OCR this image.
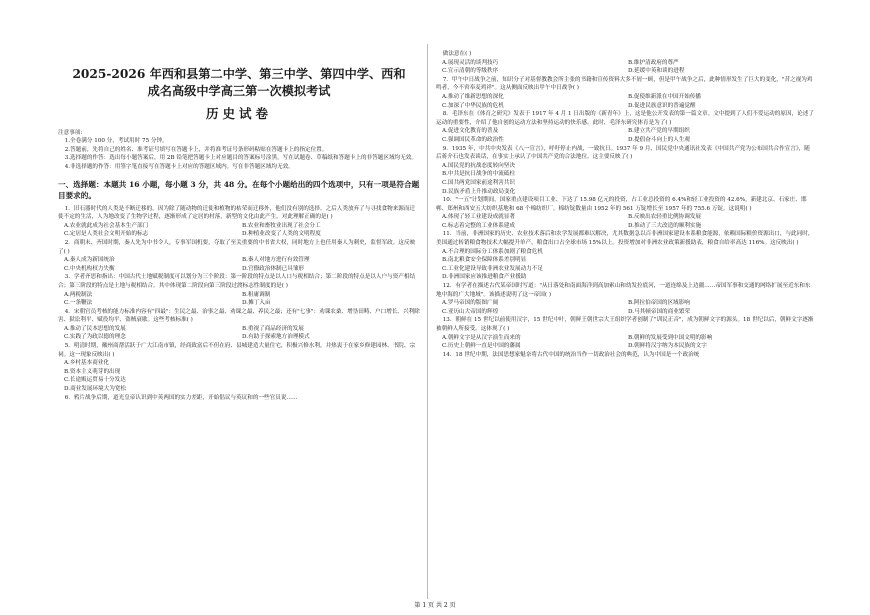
2025-2026 年西和县第二中学、第三中学、第四中学、西和
成名高级中学高三第一次模拟考试
历史试卷

注意事项:

1.全卷满分 100 分，考试用时 75 分钟。

2.答题前，先将自己的姓名、准考证号填写在答题卡上，并将准考证号条形码粘贴在答题卡上的指定位置。

3.选择题的作答：选出每小题答案后，用 2B 铅笔把答题卡上对应题目的答案标号涂黑。写在试题卷、草稿纸和答题卡上的非答题区域均无效。

4.非选择题的作答：用签字笔直接写在答题卡上对应的答题区域内。写在非答题区域均无效。

一、选择题：本题共 16 小题，每小题 3 分，共 48 分。在每个小题给出的四个选项中，只有一项是符合题目要求的。

1．旧石器时代的人类是不断迁移的，因为除了随动物的迁徙和植物的枯荣而迁移外，他们没有别的选择。之后人类放弃了与寻找食物来源而迁徙不定的生活，人为地改变了生物学过程，逐渐形成了定居的村落，新型的文化由此产生。对此理解正确的是( )

A.农业就此成为社会基本生产部门	B.农业和畜牧业出现了社会分工
C.定居是人类社会文明开始的标志	D.种植业改变了人类的文明程度

2．商朝末、齐国时期，秦人先为中书令人，专事军国机要，夺取了至关重要的中书省大权，同时地方上也任用秦人为刺史，监督军政。这反映了( )

A.秦人成为新国统治	B.秦人对地方进行有效管理
C.中央机构权力失衡	D.官僚政治体制已具雏形

3．学者齐思和指出：中国古代土地赋税制度可以划分为三个阶段：第一阶段的特点是以人口与税相结合；第二阶段的特点是以人户与资产相结合；第三阶段的特点是土地与税相结合。其中体现第二阶段向第三阶段过渡标志性制度的是( )

A.两税制法	B.租庸调制
C.一条鞭法	D.摊丁入亩

4．宋朝官员考核的能力标准内容有"四最"：生民之最、治事之最、劝课之最、养民之最；还有"七事"：劝课农桑、增垦田畴、户口增长、兴利除害、狱讼利平、赋役均平、盗贼衰歇。这些考核标准( )

A.推动了民本思想的发展	B.重视了商品经济的发展
C.实践了为政以德的理念	D.有助于探索地方治理模式

5．明清时期，徽州商帮活跃于广大江南市镇，经商致富后不但在府、县城建造大量住宅，积极兴修水利，并热衷于在家乡修建园林、书院、宗祠。这一现象反映出( )

A.乡村基本商业化
B.资本主义萌芽的出现
C.长途贩运贸易十分发达
D.商业发展环境大为宽松

6．鸦片战争后期，道光皇帝认识到中英两国的实力差距，开始倡议与英议和的一些官员说……

做法意在( )

A.展现灵活的谈判技巧	B.维护清政府的尊严
C.宣示清朝的等级秩序	D.延缓中英和谈的进程

7．甲午中日战争之前，知识分子对基督教教会所主张的书籍和宣传资料大多不屑一顾，但是甲午战争之后，此种情形发生了巨大的变化，"昔之视为鸡鸣者，今不啻奉麦鸡祥"。这从侧面反映出甲午中日战争( )

A.推动了维新思想的深化	B.促使维新派在中国开始传播
C.加深了中华民族的危机	D.促进民族意识的普遍觉醒

8．毛泽东在《体育之研究》发表于 1917 年 4 月 1 日出版的《新青年》上，这是他公开发表的第一篇文章。文中提到了人们不爱运动的原因，论述了运动的重要性，介绍了他自创的运动方法和坚持运动的快乐感。此时，毛泽东研究体育是为了( )

A.促进文化教育的普及	B.建立共产党的早期组织
C.强调国民革命的政治性	D.提倡奋斗向上的人生观

9．1935 年，中共中央发表《八一宣言》，呼吁停止内战，一致抗日。1937 年 9 月，国民党中央通讯社发表《中国共产党为公布国共合作宣言》，随后蒋介石也发表谈话，在事实上承认了中国共产党的合法地位。这主要反映了( )

A.国民党的抗战态度转向坚决
B.中共是抗日战争的中流砥柱
C.国共两党国家前途利害共识
D.民族矛盾上升推动政局变化

10．"一五"计划期间，国家重点建设项目工业、下达了 15.98 亿元的投资，占工业总投资的 6.4%和轻工业投资的 42.6%。新建北京、石家庄、邯郸、郑州和西安五大纺织基地和 68 个棉纺织厂，棉纺锭数量由 1952 年的 561 万锭增长至 1957 年的 755.6 万锭。这说明( )

A.体现了轻工业建设成就显著	B.反映出农轻重比例协调发展
C.标志着完整的工业体系建成	D.推动了三大改造的顺利实施

11．当前，非洲国家的历史、农业技术落后和农学发展都难以解决，尤其数据急以百非洲国家建设本系粮食能源，依赖国际粮价资源出口，与此同时，美国通过转销粮食物技术大幅提升单产，粮食出口占全球市场 15%以上。投资增加对非洲农业政策新援助表，粮食自给率高达 116%。这反映出( )

A.不合理的国际分工体系加剧了粮食危机
B.南北粮食安全保障体系差别明显
C.工业化建设导致非洲农业发展动力不足
D.非洲国家应该推进粮食产业援助

12．有学者在描述古代某帝国时写道："从日落处和南面海洋到高加索山和幼发拉底河，一道连绵及上边疆……帝国军事和交通的网络扩展至近东和东地中海的广大地域"。该描述说明了这一帝国( )

A.罗马帝国的版图广阔	B.阿拉伯帝国的区域影响
C.亚历山大帝国的辉煌	D.马其顿帝国的商业繁荣

13．朝鲜在 15 世纪以前使用汉字，15 世纪中叶，朝鲜王朝世宗大王组织学者创制了"训民正音"，成为朝鲜文字的源头。18 世纪以后，朝鲜文字逐渐被朝鲜人所接受。这体现了( )

A.朝鲜文字是从汉字演生而来的	B.朝鲜的发展受到中国文明的影响
C.历史上朝鲜一直是中国的藩属	D.朝鲜将汉字纳为本民族的文字

14．18 世纪中期，法国思想家魁奈将古代中国的统治当作一切政治社会的典范，认为中国是一个政治统

第 1 页 共 2 页
